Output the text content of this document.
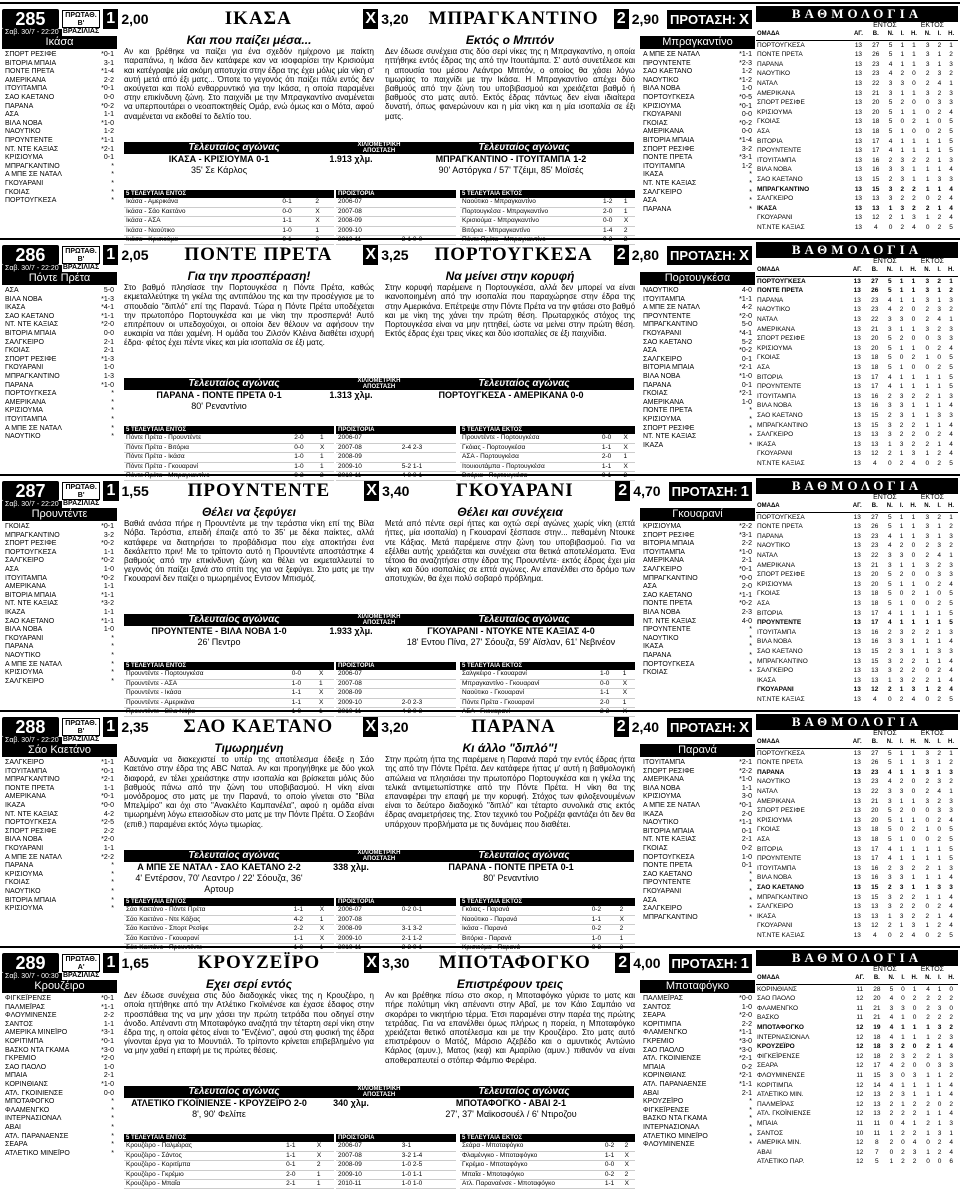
285	ΠΡΩΤΑΘ. Β' ΒΡΑΖΙΛΙΑΣ
1 2,00	ΙΚΑΣΑ	X 3,20	ΜΠΡΑΓΚΑΝΤΙΝΟ	2 2,90 ΠΡΟΤΑΣΗ: Χ
Σαβ. 30/7 - 22:20
Ικάσα
ΣΠΟΡΤ ΡΕΣΙΦΕ	*0-1
ΒΙΤΟΡΙΑ ΜΠΑΙΑ	3-1
ΠΟΝΤΕ ΠΡΕΤΑ	*1-4
ΑΜΕΡΙΚΑΝΑ	2-2
ΙΤΟΥΙΤΑΜΠΑ	*0-1
ΣΑΟ ΚΑΕΤΑΝΟ	0-0
ΠΑΡΑΝΑ	*0-2
ΑΣΑ	1-1
ΒΙΛΑ ΝΟΒΑ	*1-0
ΝΑΟΥΤΙΚΟ	1-2
ΠΡΟΥΝΤΕΝΤΕ	*1-1
ΝΤ. ΝΤΕ ΚΑΞΙΑΣ	*2-1
ΚΡΙΣΙΟΥΜΑ	0-1
ΜΠΡΑΓΚΑΝΤΙΝΟ	*
Α ΜΠΕ ΣΕ ΝΑΤΑΛ	*
ΓΚΟΥΑΡΑΝΙ	*
ΓΚΟΙΑΣ	*
ΠΟΡΤΟΥΓΚΕΣΑ	*
Μπραγκαντίνο
Α ΜΠΕ ΣΕ ΝΑΤΑΛ	*1-1
ΠΡΟΥΝΤΕΝΤΕ	*2-3
ΣΑΟ ΚΑΕΤΑΝΟ	1-2
ΝΑΟΥΤΙΚΟ	*1-2
ΒΙΛΑ ΝΟΒΑ	1-0
ΠΟΡΤΟΥΓΚΕΣΑ	*0-5
ΚΡΙΣΙΟΥΜΑ	*0-1
ΓΚΟΥΑΡΑΝΙ	0-0
ΓΚΟΙΑΣ	*0-2
ΑΜΕΡΙΚΑΝΑ	0-0
ΒΙΤΟΡΙΑ ΜΠΑΙΑ	*1-4
ΣΠΟΡΤ ΡΕΣΙΦΕ	3-2
ΠΟΝΤΕ ΠΡΕΤΑ	*3-1
ΙΤΟΥΙΤΑΜΠΑ	1-2
ΙΚΑΣΑ	*
ΝΤ. ΝΤΕ ΚΑΞΙΑΣ	*
ΣΑΛΓΚΕΙΡΟ	*
ΑΣΑ	*
ΠΑΡΑΝΑ	*
Και που παίζει μέσα...

Αν και βρέθηκε να παίζει για ένα σχεδόν ημίχρονο με παίκτη παραπάνω, η Ικάσα δεν κατάφερε καν να ισοφαρίσει την Κρισιούμα και κατέγραψε μία ακόμη αποτυχία στην έδρα της έχει μόλις μία νίκη σ' αυτή μετά από έξι ματς... Όποτε το γεγονός ότι παίζει πάλι εντός δεν ακούγεται και πολύ ενθαρρυντικό για την Ικάσα, η οποία παραμένει στην επικίνδυνη ζώνη. Στο παιχνίδι με την Μπραγκαντίνο αναμένεται να υπερπουτάρει ο νεοαποκτηθείς Ομάρ, ενώ όμως και ο Μότα, αφού αναμένεται να εκδοθεί το δελτίο του.

Εκτός ο Μπιτόν

Δεν έδωσε συνέχεια στις δύο σερί νίκες της η Μπραγκαντίνο, η οποία ηττήθηκε εντός έδρας της από την Ιτουιτάμπα. Σ' αυτό συνετέλεσε και η απουσία του μέσου Λεάντρο Μπιτόν, ο οποίος θα χάσει λόγω τιμωρίας το παιχνίδι με την Ικάσα. Η Μπραγκαντίνο απέχει δύο βαθμούς από την ζώνη του υποβιβασμού και χρειάζεται βαθμό ή βαθμούς στο ματς αυτό. Εκτός έδρας πάντως δεν είναι ιδιαίτερα δυνατή, όπως φανερώνουν και η μία νίκη και η μία ισοπαλία σε έξι ματς.

Τελευταίος αγώνας	ΧΙΛΙΟΜΕΤΡΙΚΗ ΑΠΟΣΤΑΣΗ	Τελευταίος αγώνας
ΙΚΑΣΑ - ΚΡΙΣΙΟΥΜΑ 0-1
35' Σε Κάρλος
1.913 χλμ.	ΜΠΡΑΓΚΑΝΤΙΝΟ - ΙΤΟΥΙΤΑΜΠΑ 1-2
90' Αστόργκα / 57' Τζέιμι, 85' Μοϊσές
5 ΤΕΛΕΥΤΑΙΑ ΕΝΤΟΣ		
Ικάσα - Αμερικάνα	0-1	2
Ικάσα - Σάο Καετάνο	0-0	Χ
Ικάσα - ΑΣΑ	1-1	Χ
Ικάσα - Ναούτικο	1-0	1
Ικάσα - Κρισιούμα	0-1	2
ΠΡΟΪΣΤΟΡΙΑ	
2006-07	
2007-08	
2008-09	
2009-10	
2010-11	2-1 0-0
5 ΤΕΛΕΥΤΑΙΑ ΕΚΤΟΣ		
Ναούτικο - Μπραγκαντίνο	1-2	1
Πορτουγκέσα - Μπραγκαντίνο	2-0	1
Κρισιούμα - Μπραγκαντίνο	0-0	Χ
Βιτόρια - Μπραγκαντίνο	1-4	2
Πόντε Πρέτα - Μπραγκαντίνο	0-2	2
ΒΑΘΜΟΛΟΓΙΑ
ΕΝΤΟΣ	ΕΚΤΟΣ
ΟΜΑΔΑ	ΑΓ.	Β.	Ν.	Ι.	Η.	Ν.	Ι.	Η.
ΠΟΡΤΟΥΓΚΕΣΑ	13	27	5	1	1	3	2	1
ΠΟΝΤΕ ΠΡΕΤΑ	13	26	5	1	1	3	1	2
ΠΑΡΑΝΑ	13	23	4	1	1	3	1	3
ΝΑΟΥΤΙΚΟ	13	23	4	2	0	2	3	2
ΝΑΤΑΛ	13	22	3	3	0	2	4	1
ΑΜΕΡΙΚΑΝΑ	13	21	3	1	1	3	2	3
ΣΠΟΡΤ ΡΕΣΙΦΕ	13	20	5	2	0	0	3	3
ΚΡΙΣΙΟΥΜΑ	13	20	5	1	1	0	2	4
ΓΚΟΙΑΣ	13	18	5	0	2	1	0	5
ΑΣΑ	13	18	5	1	0	0	2	5
ΒΙΤΟΡΙΑ	13	17	4	1	1	1	1	5
ΠΡΟΥΝΤΕΝΤΕ	13	17	4	1	1	1	1	5
ΙΤΟΥΙΤΑΜΠΑ	13	16	2	3	2	2	1	3
ΒΙΛΑ ΝΟΒΑ	13	16	3	3	1	1	1	4
ΣΑΟ ΚΑΕΤΑΝΟ	13	15	2	3	1	1	3	3
ΜΠΡΑΓΚΑΝΤΙΝΟ	13	15	3	2	2	1	1	4
ΣΑΛΓΚΕΙΡΟ	13	13	3	2	2	0	2	4
ΙΚΑΣΑ	13	13	1	3	2	2	1	4
ΓΚΟΥΑΡΑΝΙ	13	12	2	1	3	1	2	4
ΝΤ.ΝΤΕ ΚΑΞΙΑΣ	13	4	0	2	4	0	2	5
286	ΠΡΩΤΑΘ. Β' ΒΡΑΖΙΛΙΑΣ
1 2,05	ΠΟΝΤΕ ΠΡΕΤΑ	X 3,25	ΠΟΡΤΟΥΓΚΕΣΑ	2 2,80 ΠΡΟΤΑΣΗ: Χ
Σαβ. 30/7 - 22:20
Πόντε Πρέτα
ΑΣΑ	5-0
ΒΙΛΑ ΝΟΒΑ	*1-3
ΙΚΑΣΑ	*4-1
ΣΑΟ ΚΑΕΤΑΝΟ	*1-1
ΝΤ. ΝΤΕ ΚΑΞΙΑΣ	*2-0
ΒΙΤΟΡΙΑ ΜΠΑΙΑ	0-0
ΣΑΛΓΚΕΙΡΟ	2-1
ΓΚΟΙΑΣ	2-1
ΣΠΟΡΤ ΡΕΣΙΦΕ	*1-3
ΓΚΟΥΑΡΑΝΙ	1-0
ΜΠΡΑΓΚΑΝΤΙΝΟ	1-3
ΠΑΡΑΝΑ	*1-0
ΠΟΡΤΟΥΓΚΕΣΑ	*
ΑΜΕΡΙΚΑΝΑ	*
ΚΡΙΣΙΟΥΜΑ	*
ΙΤΟΥΙΤΑΜΠΑ	*
Α ΜΠΕ ΣΕ ΝΑΤΑΛ	*
ΝΑΟΥΤΙΚΟ	*
Πορτουγκέσα
ΝΑΟΥΤΙΚΟ	4-0
ΙΤΟΥΙΤΑΜΠΑ	*1-1
Α ΜΠΕ ΣΕ ΝΑΤΑΛ	4-2
ΠΡΟΥΝΤΕΝΤΕ	*2-0
ΜΠΡΑΓΚΑΝΤΙΝΟ	5-0
ΓΚΟΥΑΡΑΝΙ	*4-1
ΣΑΟ ΚΑΕΤΑΝΟ	5-2
ΑΣΑ	*0-2
ΣΑΛΓΚΕΙΡΟ	0-1
ΒΙΤΟΡΙΑ ΜΠΑΙΑ	*2-1
ΒΙΛΑ ΝΟΒΑ	*1-0
ΠΑΡΑΝΑ	0-1
ΓΚΟΙΑΣ	*2-1
ΑΜΕΡΙΚΑΝΑ	1-0
ΠΟΝΤΕ ΠΡΕΤΑ	*
ΚΡΙΣΙΟΥΜΑ	*
ΣΠΟΡΤ ΡΕΣΙΦΕ	*
ΝΤ. ΝΤΕ ΚΑΞΙΑΣ	*
ΙΚΑΖΑ	*
Για την προσπέραση!

Στο βαθμό πλησίασε την Πορτουγκέσα η Πόντε Πρέτα, καθώς εκμεταλλεύτηκε τη γκέλα της αντιπάλου της και την προσέγγισε με το σπουδαίο "διπλό" επί της Παρανά. Τώρα η Πόντε Πρέτα υποδέχεται την πρωτοπόρο Πορτουγκέσα και με νίκη την προσπερνά! Αυτό επιτρέπουν οι υπεδοχούχοι, οι οποίοι δεν θέλουν να αφήσουν την ευκαιρία να πάει χαμένη. Η ομάδα του Ζιλσόν Κλέινα διαθέτει ισχυρή έδρα· φέτος έχει πέντε νίκες και μία ισοπαλία σε έξι ματς.

Να μείνει στην κορυφή

Στην κορυφή παρέμεινε η Πορτουγκέσα, αλλά δεν μπορεί να είναι ικανοποιημένη από την ισοπαλία που παραχώρησε στην έδρα της στην Αμερικάνα. Επέτρεψε στην Πόντε Πρέτα να την φτάσει στο βαθμό και με νίκη της χάνει την πρώτη θέση. Πρωταρχικός στόχος της Πορτουγκέσα είναι να μην ηττηθεί, ώστε να μείνει στην πρώτη θέση. Εκτός έδρας έχει τρεις νίκες και δύο ισοπαλίες σε έξι παιχνίδια.

Τελευταίος αγώνας	ΧΙΛΙΟΜΕΤΡΙΚΗ ΑΠΟΣΤΑΣΗ	Τελευταίος αγώνας
ΠΑΡΑΝΑ - ΠΟΝΤΕ ΠΡΕΤΑ 0-1
80' Ρεναντίνιο
1.313 χλμ.	ΠΟΡΤΟΥΓΚΕΣΑ - ΑΜΕΡΙΚΑΝΑ 0-0
5 ΤΕΛΕΥΤΑΙΑ ΕΝΤΟΣ		
Πόντε Πρέτα - Προυντέντε	2-0	1
Πόντε Πρέτα - Βιτόρια	0-0	Χ
Πόντε Πρέτα - Ικάσα	1-0	1
Πόντε Πρέτα - Γκουαρανί	1-0	1
Πόντε Πρέτα - Μπραγκαντίνο	0-2	2
ΠΡΟΪΣΤΟΡΙΑ	
2006-07	
2007-08	2-4 2-3
2008-09	
2009-10	5-2 1-1
2010-11	4-0 0-1
5 ΤΕΛΕΥΤΑΙΑ ΕΚΤΟΣ		
Προυντέντε - Πορτουγκέσα	0-0	Χ
Γκόιας - Πορτουγκέσα	1-1	Χ
ΑΣΑ - Πορτουγκέσα	2-0	1
Ιτουιουτάμπα - Πορτουγκέσα	1-1	Χ
Βιτόρια - Πορτουγκέσα	0-1	2
ΒΑΘΜΟΛΟΓΙΑ
ΕΝΤΟΣ	ΕΚΤΟΣ
ΟΜΑΔΑ	ΑΓ.	Β.	Ν.	Ι.	Η.	Ν.	Ι.	Η.
ΠΟΡΤΟΥΓΚΕΣΑ	13	27	5	1	1	3	2	1
ΠΟΝΤΕ ΠΡΕΤΑ	13	26	5	1	1	3	1	2
ΠΑΡΑΝΑ	13	23	4	1	1	3	1	3
ΝΑΟΥΤΙΚΟ	13	23	4	2	0	2	3	2
ΝΑΤΑΛ	13	22	3	3	0	2	4	1
ΑΜΕΡΙΚΑΝΑ	13	21	3	1	1	3	2	3
ΣΠΟΡΤ ΡΕΣΙΦΕ	13	20	5	2	0	0	3	3
ΚΡΙΣΙΟΥΜΑ	13	20	5	1	1	0	2	4
ΓΚΟΙΑΣ	13	18	5	0	2	1	0	5
ΑΣΑ	13	18	5	1	0	0	2	5
ΒΙΤΟΡΙΑ	13	17	4	1	1	1	1	5
ΠΡΟΥΝΤΕΝΤΕ	13	17	4	1	1	1	1	5
ΙΤΟΥΙΤΑΜΠΑ	13	16	2	3	2	2	1	3
ΒΙΛΑ ΝΟΒΑ	13	16	3	3	1	1	1	4
ΣΑΟ ΚΑΕΤΑΝΟ	13	15	2	3	1	1	3	3
ΜΠΡΑΓΚΑΝΤΙΝΟ	13	15	3	2	2	1	1	4
ΣΑΛΓΚΕΙΡΟ	13	13	3	2	2	0	2	4
ΙΚΑΣΑ	13	13	1	3	2	2	1	4
ΓΚΟΥΑΡΑΝΙ	13	12	2	1	3	1	2	4
ΝΤ.ΝΤΕ ΚΑΞΙΑΣ	13	4	0	2	4	0	2	5
287	ΠΡΩΤΑΘ. Β' ΒΡΑΖΙΛΙΑΣ
1 1,55	ΠΡΟΥΝΤΕΝΤΕ	X 3,40	ΓΚΟΥΑΡΑΝΙ	2 4,70 ΠΡΟΤΑΣΗ: 1
Σαβ. 30/7 - 22:20
Προυντέντε
ΓΚΟΙΑΣ	*0-1
ΜΠΡΑΓΚΑΝΤΙΝΟ	3-2
ΣΠΟΡΤ ΡΕΣΙΦΕ	*0-2
ΠΟΡΤΟΥΓΚΕΣΑ	1-1
ΣΑΛΓΚΕΙΡΟ	*0-2
ΑΣΑ	1-0
ΙΤΟΥΙΤΑΜΠΑ	*0-2
ΑΜΕΡΙΚΑΝΑ	1-1
ΒΙΤΟΡΙΑ ΜΠΑΙΑ	*1-1
ΝΤ. ΝΤΕ ΚΑΞΙΑΣ	*3-2
ΙΚΑΖΑ	1-1
ΣΑΟ ΚΑΕΤΑΝΟ	*1-1
ΒΙΛΑ ΝΟΒΑ	1-0
ΓΚΟΥΑΡΑΝΙ	*
ΠΑΡΑΝΑ	*
ΝΑΟΥΤΙΚΟ	*
Α ΜΠΕ ΣΕ ΝΑΤΑΛ	*
ΚΡΙΣΙΟΥΜΑ	*
ΣΑΛΓΚΕΙΡΟ	*
Γκουαρανί
ΚΡΙΣΙΟΥΜΑ	*2-2
ΣΠΟΡΤ ΡΕΣΙΦΕ	*3-1
ΒΙΤΟΡΙΑ ΜΠΑΙΑ	2-2
ΙΤΟΥΙΤΑΜΠΑ	*1-0
ΑΜΕΡΙΚΑΝΑ	2-1
ΣΑΛΓΚΕΙΡΟ	*0-1
ΜΠΡΑΓΚΑΝΤΙΝΟ	*0-0
ΑΣΑ	2-0
ΣΑΟ ΚΑΕΤΑΝΟ	*1-1
ΠΟΝΤΕ ΠΡΕΤΑ	*0-2
ΒΙΛΑ ΝΟΒΑ	2-3
ΝΤ. ΝΤΕ ΚΑΞΙΑΣ	4-0
ΠΡΟΥΝΤΕΝΤΕ	*
ΝΑΟΥΤΙΚΟ	*
ΙΚΑΣΑ	*
ΠΑΡΑΝΑ	*
ΠΟΡΤΟΥΓΚΕΣΑ	*
ΓΚΟΙΑΣ	*
Θέλει να ξεφύγει

Βαθιά ανάσα πήρε η Προυντέντε με την τεράστια νίκη επί της Βίλα Νόβα. Τερόστια, επειδή έπαιζε από το 35' με δέκα παίκτες, αλλά κατάφερε να διατηρήσει το προβάδισμα που είχε αποκτήσει ένα δεκάλεπτο πριν! Με το τρίποντο αυτό η Προυντέντε αποστάστηκε 4 βαθμούς από την επικίνδυνη ζώνη και θέλει να εκμεταλλευτεί το γεγονός ότι παίζει ξανά στο σπίτι της για να ξεφύγει. Στο ματς με την Γκουαρανί δεν παίζει ο τιμωρημένος Εντσον Μπισμόζ.

Θέλει και συνέχεια

Μετά από πέντε σερί ήττες και οχτώ σερί αγώνες χωρίς νίκη (επτά ήττες, μία ισοπαλία) η Γκουαρανί ξέσπασε στην... πεθαμένη Ντουκε ντε Κάξιας. Μετά παρέμεινε στην ζώνη του υποβιβασμού. Για να εξέλθει αυτής χρειάζεται και συνέχεια στα θετικά αποτελέσματα. Ένα τέτοιο θα αναζητήσει στην έδρα της Προυντέντε· εκτός έδρας έχει μία νίκη και δύο ισοπαλίες σε επτά αγώνες. Αν επανέλθει στο δρόμο των αποτυχιών, θα έχει πολύ σοβαρό πρόβλημα.

Τελευταίος αγώνας	ΧΙΛΙΟΜΕΤΡΙΚΗ ΑΠΟΣΤΑΣΗ	Τελευταίος αγώνας
ΠΡΟΥΝΤΕΝΤΕ - ΒΙΛΑ ΝΟΒΑ 1-0
26' Πεντρο
1.933 χλμ.	ΓΚΟΥΑΡΑΝΙ - ΝΤΟΥΚΕ ΝΤΕ ΚΑΞΙΑΣ 4-0
18' Εντου Πίνα, 27' Σόουζα, 59' Αϊσλαν, 61' Νεβινέον
5 ΤΕΛΕΥΤΑΙΑ ΕΝΤΟΣ		
Προυντέντε - Πορτουγκέσα	0-0	Χ
Προυντέντε - ΑΣΑ	1-0	1
Προυντέντε - Ικάσα	1-1	Χ
Προυντέντε - Αμερικάνα	1-1	Χ
Προυντέντε - Βίλα Νόβα	1-0	1
ΠΡΟΪΣΤΟΡΙΑ	
2006-07	
2007-08	
2008-09	
2009-10	2-0 2-3
2010-11	4-2 0-3
5 ΤΕΛΕΥΤΑΙΑ ΕΚΤΟΣ		
Σαλγκέιρο - Γκουαρανί	1-0	1
Μπραγκαντίνο - Γκουαρανί	0-0	Χ
Ναούτικο - Γκουαρανί	1-1	Χ
Πόντε Πρέτα - Γκουαρανί	2-0	1
ΑΣΑ - Γκουαρανί	2-2	Χ
ΒΑΘΜΟΛΟΓΙΑ
ΕΝΤΟΣ	ΕΚΤΟΣ
ΟΜΑΔΑ	ΑΓ.	Β.	Ν.	Ι.	Η.	Ν.	Ι.	Η.
ΠΟΡΤΟΥΓΚΕΣΑ	13	27	5	1	1	3	2	1
ΠΟΝΤΕ ΠΡΕΤΑ	13	26	5	1	1	3	1	2
ΠΑΡΑΝΑ	13	23	4	1	1	3	1	3
ΝΑΟΥΤΙΚΟ	13	23	4	2	0	2	3	2
ΝΑΤΑΛ	13	22	3	3	0	2	4	1
ΑΜΕΡΙΚΑΝΑ	13	21	3	1	1	3	2	3
ΣΠΟΡΤ ΡΕΣΙΦΕ	13	20	5	2	0	0	3	3
ΚΡΙΣΙΟΥΜΑ	13	20	5	1	1	0	2	4
ΓΚΟΙΑΣ	13	18	5	0	2	1	0	5
ΑΣΑ	13	18	5	1	0	0	2	5
ΒΙΤΟΡΙΑ	13	17	4	1	1	1	1	5
ΠΡΟΥΝΤΕΝΤΕ	13	17	4	1	1	1	1	5
ΙΤΟΥΙΤΑΜΠΑ	13	16	2	3	2	2	1	3
ΒΙΛΑ ΝΟΒΑ	13	16	3	3	1	1	1	4
ΣΑΟ ΚΑΕΤΑΝΟ	13	15	2	3	1	1	3	3
ΜΠΡΑΓΚΑΝΤΙΝΟ	13	15	3	2	2	1	1	4
ΣΑΛΓΚΕΙΡΟ	13	13	3	2	2	0	2	4
ΙΚΑΣΑ	13	13	1	3	2	2	1	4
ΓΚΟΥΑΡΑΝΙ	13	12	2	1	3	1	2	4
ΝΤ.ΝΤΕ ΚΑΞΙΑΣ	13	4	0	2	4	0	2	5
288	ΠΡΩΤΑΘ. Β' ΒΡΑΖΙΛΙΑΣ
1 2,35	ΣΑΟ ΚΑΕΤΑΝΟ	X 3,20	ΠΑΡΑΝΑ	2 2,40 ΠΡΟΤΑΣΗ: Χ
Σαβ. 30/7 - 22:20
Σάο Καετάνο
ΣΑΛΓΚΕΙΡΟ	*1-1
ΙΤΟΥΙΤΑΜΠΑ	*0-1
ΜΠΡΑΓΚΑΝΤΙΝΟ	*2-1
ΠΟΝΤΕ ΠΡΕΤΑ	1-1
ΑΜΕΡΙΚΑΝΑ	*0-1
ΙΚΑΖΑ	*0-0
ΝΤ. ΝΤΕ ΚΑΞΙΑΣ	4-2
ΠΟΡΤΟΥΓΚΕΣΑ	*2-5
ΣΠΟΡΤ ΡΕΣΙΦΕ	2-2
ΒΙΛΑ ΝΟΒΑ	*2-0
ΓΚΟΥΑΡΑΝΙ	1-1
Α ΜΠΕ ΣΕ ΝΑΤΑΛ	*2-2
ΠΑΡΑΝΑ	*
ΚΡΙΣΙΟΥΜΑ	*
ΓΚΟΙΑΣ	*
ΝΑΟΥΤΙΚΟ	*
ΒΙΤΟΡΙΑ ΜΠΑΙΑ	*
ΚΡΙΣΙΟΥΜΑ	*
Παρανά
ΙΤΟΥΙΤΑΜΠΑ	*2-1
ΣΠΟΡΤ ΡΕΣΙΦΕ	*2-2
ΑΜΕΡΙΚΑΝΑ	*1-0
ΒΙΛΑ ΝΟΒΑ	1-1
ΚΡΙΣΙΟΥΜΑ	3-0
Α ΜΠΕ ΣΕ ΝΑΤΑΛ	*0-1
ΙΚΑΖΑ	2-0
ΝΑΟΥΤΙΚΟ	*1-1
ΒΙΤΟΡΙΑ ΜΠΑΙΑ	0-1
ΝΤ. ΝΤΕ ΚΑΞΙΑΣ	2-1
ΓΚΟΙΑΣ	0-2
ΠΟΡΤΟΥΓΚΕΣΑ	1-0
ΠΟΝΤΕ ΠΡΕΤΑ	0-1
ΣΑΟ ΚΑΕΤΑΝΟ	*
ΠΡΟΥΝΤΕΝΤΕ	*
ΓΚΟΥΑΡΑΝΙ	*
ΑΣΑ	*
ΣΑΛΓΚΕΙΡΟ	*
ΜΠΡΑΓΚΑΝΤΙΝΟ	*
Τιμωρημένη

Αδυναμία να διακεχιστεί το υπέρ της αποτέλεσμα έδειξε η Σάο Καετάνο στην έδρα της ABC Ναταλ. Αν και προηγήθηκε με δύο γκολ διαφορά, εν τέλει χρειάστηκε στην ισοπαλία και βρίσκεται μόλις δύο βαθμούς πάνω από την ζώνη του υποβιβασμού. Η νίκη είναι μονόδρομος στο ματς με την Παρανά, το οποίο γίνεται στο "Βίλα Μπελμίρο" και όχι στο "Ανακλέτο Καμπανέλα", αφού η ομάδα είναι τιμωρημένη λόγω επεισοδίων στο ματς με την Πόντε Πρέτα. Ο Σεοβάνι (επιθ.) παραμένει εκτός λόγω τιμωρίας.

Κι άλλο "διπλό"!

Στην πρώτη ήττα της παρέμεινε η Παρανά παρά την εντός έδρας ήττα της από την Πόντε Πρέτα. Δεν κατάφερε ήττας μ' αυτή η βαθμολογική απώλεια να πλησιάσει την πρωτοπόρο Πορτουγκέσα και η γκέλα της τελικά αντιμετωπίστηκε από την Πόντε Πρέτα. Η νίκη θα της επαναφέρει την επαφή με την κορυφή. Στόχος των φιλοξενουμένων είναι το δεύτερο διαδοχικό "διπλό" και τέταρτο συνολικά στις εκτός έδρας αναμετρήσεις της. Στον τεχνικό του Ροζιρέζα φαντάζει ότι δεν θα υπάρχουν προβλήματα με τις δυνάμεις που διαθέτει.

Τελευταίος αγώνας	ΧΙΛΙΟΜΕΤΡΙΚΗ ΑΠΟΣΤΑΣΗ	Τελευταίος αγώνας
Α ΜΠΕ ΣΕ ΝΑΤΑΛ - ΣΑΟ ΚΑΕΤΑΝΟ 2-2
4' Εντέρσον, 70' Λεαντρο / 22' Σόουζα, 36' Αρτουρ
338 χλμ.	ΠΑΡΑΝΑ - ΠΟΝΤΕ ΠΡΕΤΑ 0-1
80' Ρεναντίνιο
5 ΤΕΛΕΥΤΑΙΑ ΕΝΤΟΣ		
Σάο Καετάνο - Πόντε Πρέτα	1-1	Χ
Σάο Καετάνο - Ντε Κάξιας	4-2	1
Σάο Καετάνο - Σπορτ Ρεσίφε	2-2	Χ
Σάο Καετάνο - Γκουαρανί	1-1	Χ
Σάο Καετάνο - Προυντέντε	1-0	1
ΠΡΟΪΣΤΟΡΙΑ	
2006-07	0-2 0-1
2007-08	
2008-09	3-1 3-2
2009-10	2-1 1-2
2010-11	2-2 0-1
5 ΤΕΛΕΥΤΑΙΑ ΕΚΤΟΣ		
Γκόιας - Παρανά	0-2	2
Ναούτικο - Παρανά	1-1	Χ
Ικάσα - Παρανά	0-2	2
Βιτόρια - Παρανά	1-0	1
Κρισιούμα - Παρανά	0-3	2
ΒΑΘΜΟΛΟΓΙΑ
ΕΝΤΟΣ	ΕΚΤΟΣ
ΟΜΑΔΑ	ΑΓ.	Β.	Ν.	Ι.	Η.	Ν.	Ι.	Η.
ΠΟΡΤΟΥΓΚΕΣΑ	13	27	5	1	1	3	2	1
ΠΟΝΤΕ ΠΡΕΤΑ	13	26	5	1	1	3	1	2
ΠΑΡΑΝΑ	13	23	4	1	1	3	1	3
ΝΑΟΥΤΙΚΟ	13	23	4	2	0	2	3	2
ΝΑΤΑΛ	13	22	3	3	0	2	4	1
ΑΜΕΡΙΚΑΝΑ	13	21	3	1	1	3	2	3
ΣΠΟΡΤ ΡΕΣΙΦΕ	13	20	5	2	0	0	3	3
ΚΡΙΣΙΟΥΜΑ	13	20	5	1	1	0	2	4
ΓΚΟΙΑΣ	13	18	5	0	2	1	0	5
ΑΣΑ	13	18	5	1	0	0	2	5
ΒΙΤΟΡΙΑ	13	17	4	1	1	1	1	5
ΠΡΟΥΝΤΕΝΤΕ	13	17	4	1	1	1	1	5
ΙΤΟΥΙΤΑΜΠΑ	13	16	2	3	2	2	1	3
ΒΙΛΑ ΝΟΒΑ	13	16	3	3	1	1	1	4
ΣΑΟ ΚΑΕΤΑΝΟ	13	15	2	3	1	1	3	3
ΜΠΡΑΓΚΑΝΤΙΝΟ	13	15	3	2	2	1	1	4
ΣΑΛΓΚΕΙΡΟ	13	13	3	2	2	0	2	4
ΙΚΑΣΑ	13	13	1	3	2	2	1	4
ΓΚΟΥΑΡΑΝΙ	13	12	2	1	3	1	2	4
ΝΤ.ΝΤΕ ΚΑΞΙΑΣ	13	4	0	2	4	0	2	5
289	ΠΡΩΤΑΘ. Α' ΒΡΑΖΙΛΙΑΣ
1 1,65	ΚΡΟΥΖΕΪΡΟ	X 3,30	ΜΠΟΤΑΦΟΓΚΟ	2 4,00 ΠΡΟΤΑΣΗ: 1
Σαβ. 30/7 - 00:30
Κρουζέιρο
ΦΙΓΚΕΪΡΕΝΣΕ	*0-1
ΠΑΛΜΕΪΡΑΣ	*1-1
ΦΛΟΥΜΙΝΕΝΣΕ	2-2
ΣΑΝΤΟΣ	1-1
ΑΜΕΡΙΚΑ ΜΙΝΕΪΡΟ	*3-1
ΚΟΡΙΤΙΜΠΑ	*0-1
ΒΑΣΚΟ ΝΤΑ ΓΚΑΜΑ	*3-0
ΓΚΡΕΜΙΟ	*2-0
ΣΑΟ ΠΑΟΛΟ	1-0
ΜΠΑΙΑ	2-1
ΚΟΡΙΝΘΙΑΝΣ	*1-0
ΑΤΛ. ΓΚΟΙΝΙΕΝΣΕ	0-0
ΜΠΟΤΑΦΟΓΚΟ	*
ΦΛΑΜΕΝΓΚΟ	*
ΙΝΤΕΡΝΑΣΙΟΝΑΛ	*
ΑΒΑΙ	*
ΑΤΛ. ΠΑΡΑΝΑΕΝΣΕ	*
ΣΕΑΡΑ	*
ΑΤΛΕΤΙΚΟ ΜΙΝΕΪΡΟ	*
Μποταφόγκο
ΠΑΛΜΕΪΡΑΣ	*0-0
ΣΑΝΤΟΣ	1-0
ΣΕΑΡΑ	*2-0
ΚΟΡΙΤΙΜΠΑ	2-2
ΦΛΑΜΕΝΓΚΟ	*1-1
ΓΚΡΕΜΙΟ	*3-0
ΣΑΟ ΠΑΟΛΟ	*3-0
ΑΤΛ. ΓΚΟΙΝΙΕΝΣΕ	*2-1
ΜΠΑΙΑ	0-2
ΚΟΡΙΝΘΙΑΝΣ	*2-1
ΑΤΛ. ΠΑΡΑΝΑΕΝΣΕ	*1-1
ΑΒΑΙ	2-1
ΚΡΟΥΖΕΪΡΟ	*
ΦΙΓΚΕΪΡΕΝΣΕ	*
ΒΑΣΚΟ ΝΤΑ ΓΚΑΜΑ	*
ΙΝΤΕΡΝΑΣΙΟΝΑΛ	*
ΑΤΛΕΤΙΚΟ ΜΙΝΕΪΡΟ	*
ΦΛΟΥΜΙΝΕΝΣΕ	*
Εχει σερί εντός

Δεν έδωσε συνέχεια στις δύο διαδοχικές νίκες της η Κρουζέιρο, η οποία ηττήθηκε από την Ατλέτικο Γκοϊνιένσε και έχασε έδαφος στην προσπάθεια της να μην χάσει την πρώτη τετράδα που οδηγεί στην άνοδο. Απέναντι στη Μποταφόγκο αναζητά την τέταρτη σερί νίκη στην έδρα της, η οποία φέτος είναι το "Ενζένιο", αφού στη φυσική της έδρα γίνονται έργα για το Μουντιάλ. Το τρίποντο κρίνεται επιβεβλημένο για να μην χαθεί η επαφή με τις πρώτες θέσεις.

Επιστρέφουν τρεις

Αν και βρέθηκε πίσω στο σκορ, η Μποταφόγκο γύρισε το ματς και πήρε πολύτιμη νίκη απέναντι στην Αβαΐ, με τον Κάιο Σαμπάιο να σκοράρει το νικητήριο τέρμα. Έτσι παραμένει στην παρέα της πρώτης τετράδας. Για να επανέλθει όμως πλήρως η πορεία, η Μποταφόγκο χρειάζεται θετικό αποτέλεσμα και με την Κρουζέιρο. Στο ματς αυτό επιστρέφουν ο Ματόζ, Μάρσιο Αζεβέδο και ο αμυντικός Αντώνιο Κάρλος (αμυν.), Ματος (κεφ) και Αμαρίλιο (αμυν.) πιθανόν να είναι αποθεραπευτεί ο στόπερ Φάμπιο Φερέιρα.

Τελευταίος αγώνας	ΧΙΛΙΟΜΕΤΡΙΚΗ ΑΠΟΣΤΑΣΗ	Τελευταίος αγώνας
ΑΤΛΕΤΙΚΟ ΓΚΟΪΝΙΕΝΣΕ - ΚΡΟΥΖΕΪΡΟ 2-0
8', 90' Φελίπε
340 χλμ.	ΜΠΟΤΑΦΟΓΚΟ - ΑΒΑΙ 2-1
27', 37' Μαϊκοσουέλ / 6' Ντιροζου
5 ΤΕΛΕΥΤΑΙΑ ΕΝΤΟΣ		
Κρουζέιρο - Παλμέιρας	1-1	Χ
Κρουζέιρο - Σάντος	1-1	Χ
Κρουζέιρο - Κοριτίμπα	0-1	2
Κρουζέιρο - Γκρέμιο	2-0	1
Κρουζέιρο - Μπαΐα	2-1	1
ΠΡΟΪΣΤΟΡΙΑ	
2006-07	3-1
2007-08	3-2 1-4
2008-09	1-0 2-5
2009-10	1-0 1-1
2010-11	1-0 1-0
5 ΤΕΛΕΥΤΑΙΑ ΕΚΤΟΣ		
Σεάρα - Μποταφόγκο	0-2	2
Φλαμένγκο - Μποταφόγκο	1-1	Χ
Γκρέμιο - Μποταφόγκο	0-0	Χ
Μπαΐα - Μποταφόγκο	0-2	2
Ατλ. Παραναένσε - Μποταφόγκο	1-1	Χ
ΒΑΘΜΟΛΟΓΙΑ
ΕΝΤΟΣ	ΕΚΤΟΣ
ΟΜΑΔΑ	ΑΓ.	Β.	Ν.	Ι.	Η.	Ν.	Ι.	Η.
ΚΟΡΙΝΘΙΑΝΣ	11	28	5	0	1	4	1	0
ΣΑΟ ΠΑΟΛΟ	12	20	4	0	2	2	2	2
ΦΛΑΜΕΝΓΚΟ	11	21	3	3	0	2	3	0
ΒΑΣΚΟ	11	21	4	1	0	2	2	2
ΜΠΟΤΑΦΟΓΚΟ	12	19	4	1	1	1	3	2
ΙΝΤΕΡΝΑΣΙΟΝΑΛ	12	18	4	1	1	1	2	3
ΚΡΟΥΖΕΪΡΟ	12	18	3	2	0	2	1	4
ΦΙΓΚΕΪΡΕΝΣΕ	12	18	2	3	2	2	1	3
ΣΕΑΡΑ	12	17	4	2	0	0	3	3
ΦΛΟΥΜΙΝΕΝΣΕ	11	15	3	0	3	1	1	2
ΚΟΡΙΤΙΜΠΑ	12	14	4	1	1	1	1	4
ΑΤΛΕΤΙΚΟ ΜΙΝ.	12	13	2	3	1	1	1	4
ΠΑΛΜΕΪΡΑΣ	12	13	2	1	2	2	0	2
ΑΤΛ. ΓΚΟΪΝΙΕΝΣΕ	12	13	2	2	2	1	1	4
ΜΠΑΙΑ	11	11	0	4	1	2	1	3
ΣΑΝΤΟΣ	10	11	1	2	2	1	3	1
ΑΜΕΡΙΚΑ ΜΙΝ.	12	8	2	0	4	0	2	4
ΑΒΑΙ	12	7	0	2	3	1	2	4
ΑΤΛΕΤΙΚΟ ΠΑΡ.	12	5	1	2	2	0	0	6
